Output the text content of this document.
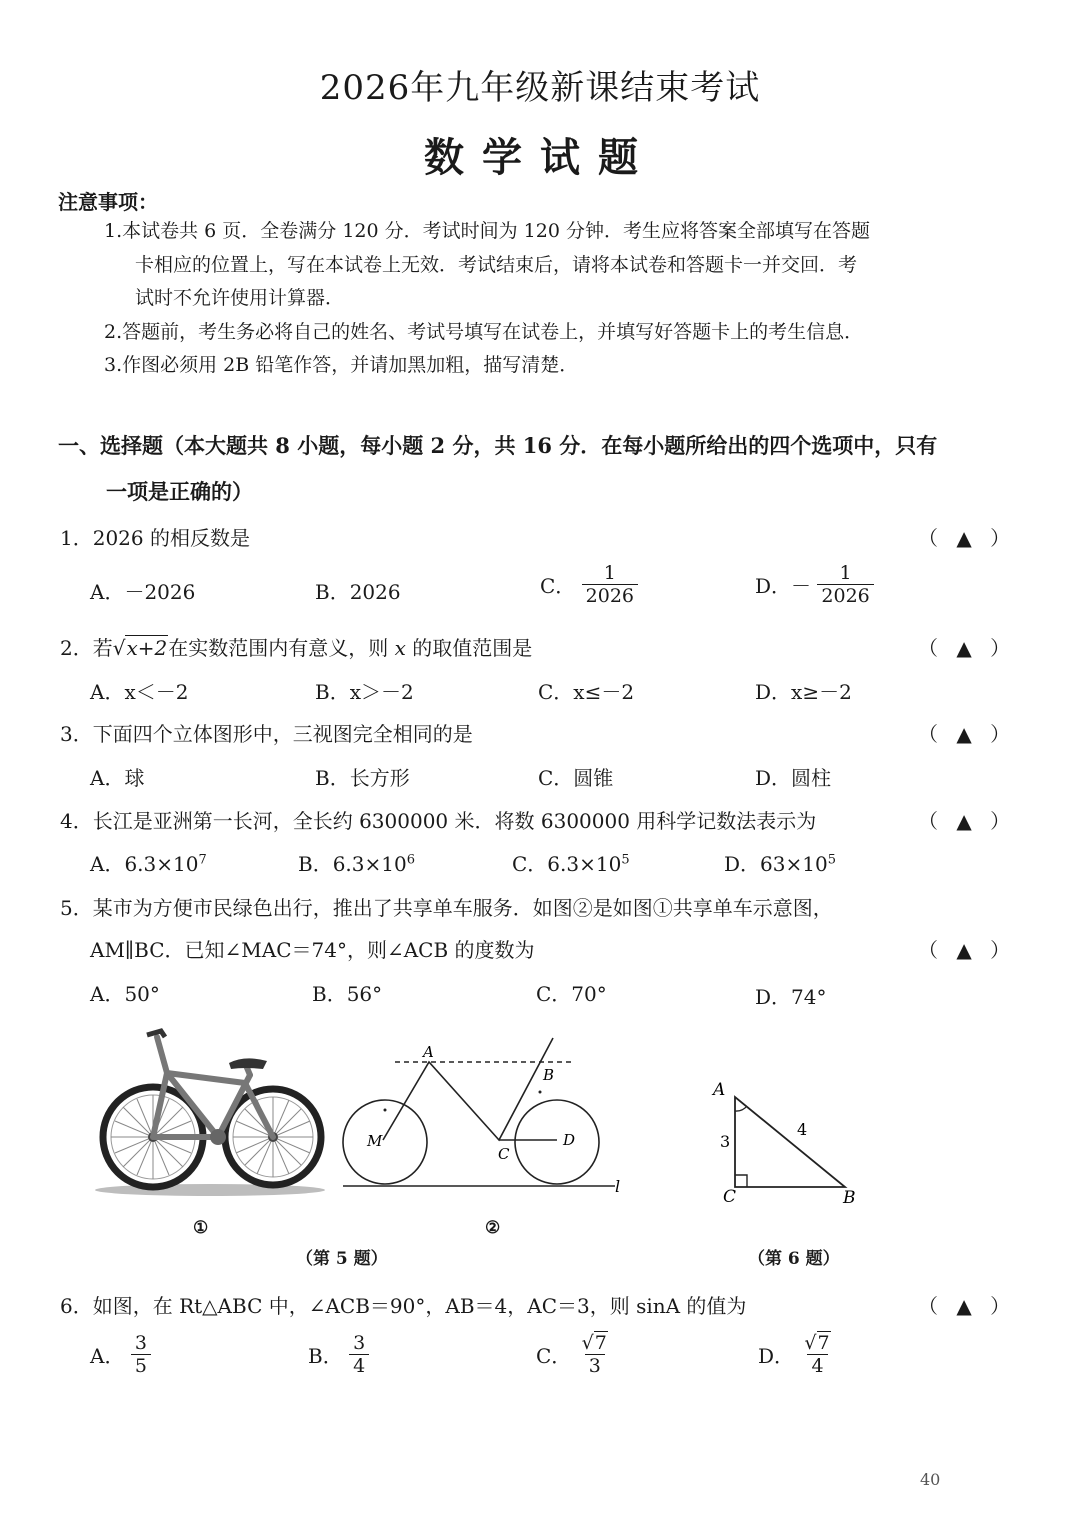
2026年九年级新课结束考试
数学试题
注意事项：
1.本试卷共 6 页．全卷满分 120 分．考试时间为 120 分钟．考生应将答案全部填写在答题
卡相应的位置上，写在本试卷上无效．考试结束后，请将本试卷和答题卡一并交回．考
试时不允许使用计算器．
2.答题前，考生务必将自己的姓名、考试号填写在试卷上，并填写好答题卡上的考生信息．
3.作图必须用 2B 铅笔作答，并请加黑加粗，描写清楚．
一、选择题（本大题共 8 小题，每小题 2 分，共 16 分．在每小题所给出的四个选项中，只有
一项是正确的）
1．2026 的相反数是	（ ▲ ）
A．－2026	B．2026	C． $\frac{1}{2026}$	D．－ $\frac{1}{2026}$
2．若√x+2在实数范围内有意义，则 x 的取值范围是	（ ▲ ）
A．x＜－2	B．x＞－2	C．x≤－2	D．x≥－2
3．下面四个立体图形中，三视图完全相同的是	（ ▲ ）
A．球	B．长方形	C．圆锥	D．圆柱
4．长江是亚洲第一长河，全长约 6300000 米．将数 6300000 用科学记数法表示为	（ ▲ ）
A．$6.3\times 10^7$	B．$6.3\times 10^6$	C．$6.3\times 10^5$	D．$63\times 10^5$
5．某市为方便市民绿色出行，推出了共享单车服务．如图②是如图①共享单车示意图，
AM∥BC．已知∠MAC＝74°，则∠ACB 的度数为	（ ▲ ）
A．50°	B．56°	C．70°	D．74°
①
A
B
C
D
M
l
②
（第 5 题）
A
C	B
3
4
（第 6 题）
6．如图，在 Rt△ABC 中，∠ACB＝90°，AB＝4，AC＝3，则 sinA 的值为	（ ▲ ）
A． $\frac{3}{5}$	B． $\frac{3}{4}$	C． $\frac{√7}{3}$	D． $\frac{√7}{4}$
40
